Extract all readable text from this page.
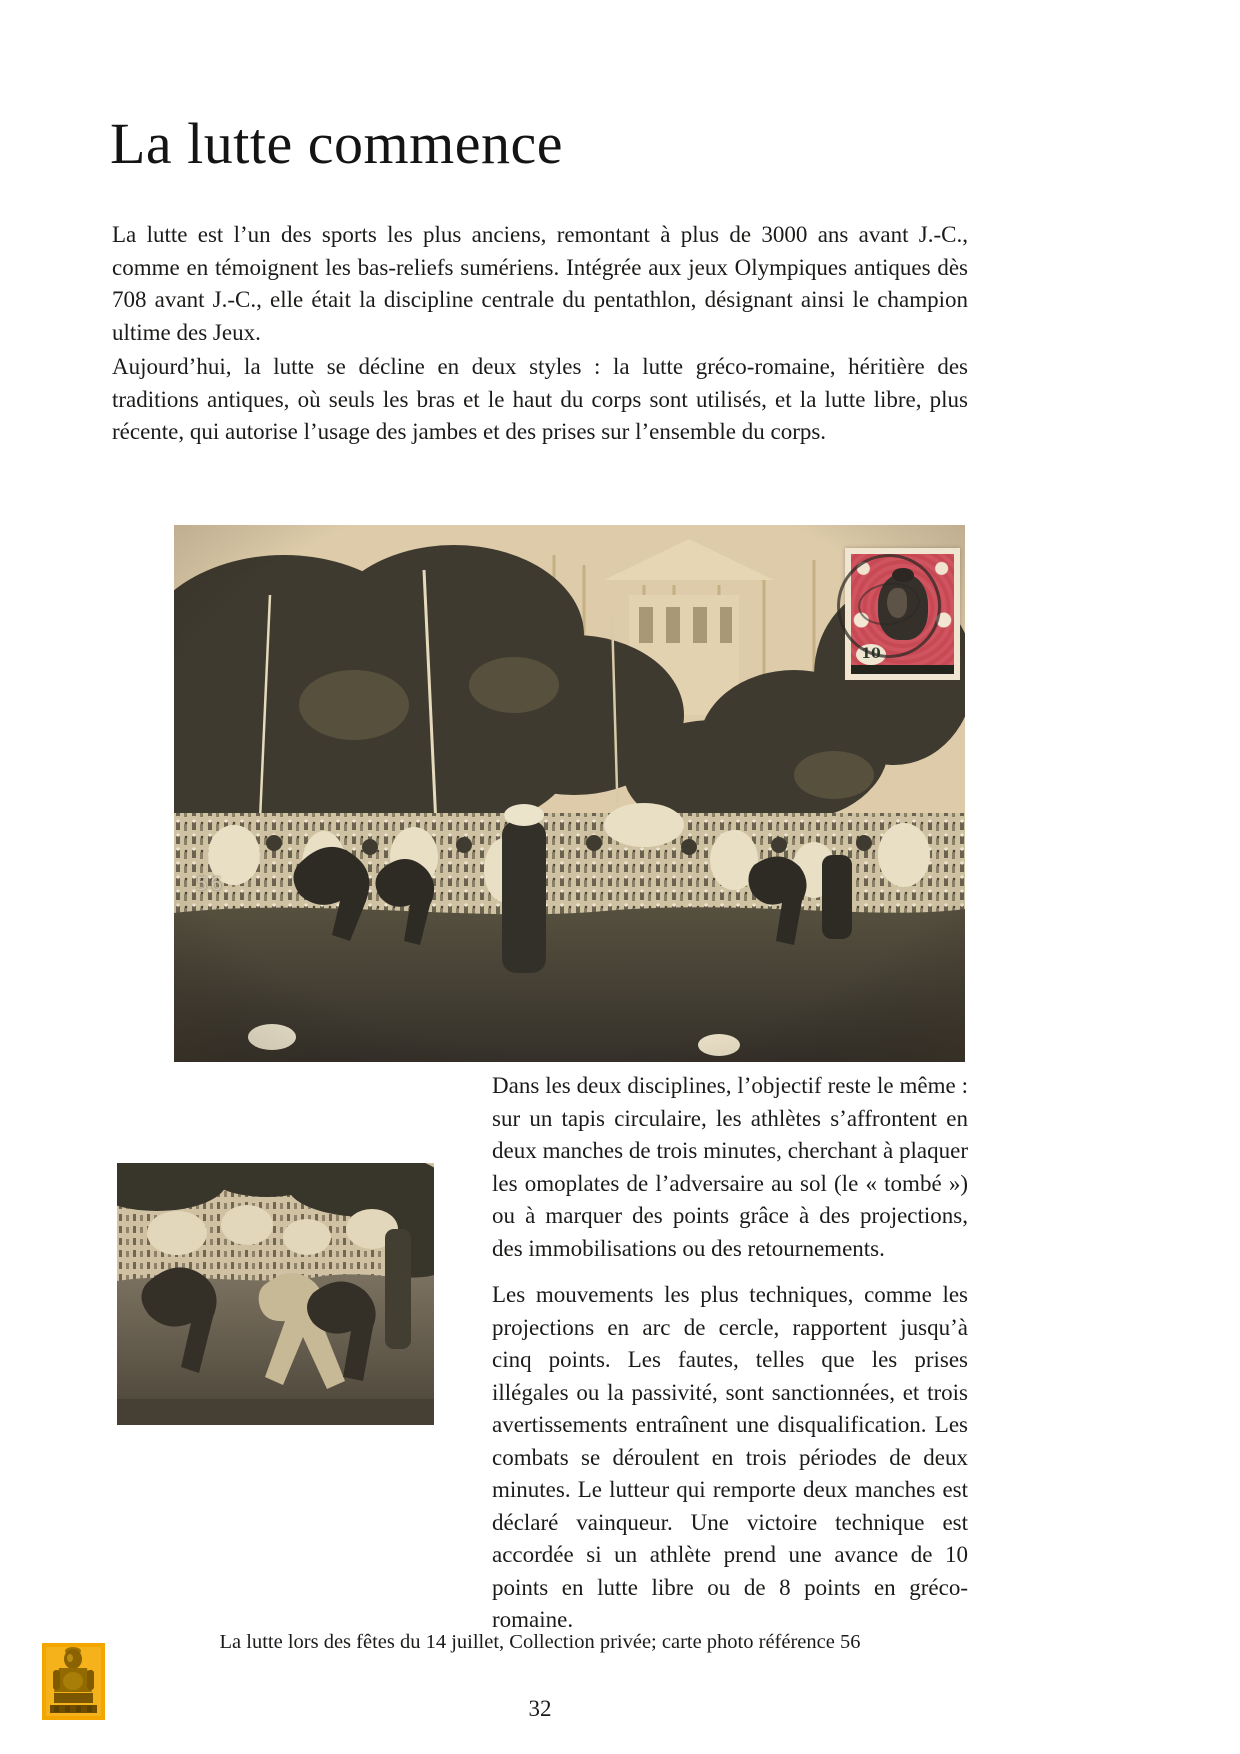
La lutte commence

La lutte est l’un des sports les plus anciens, remontant à plus de 3000 ans avant J.-C., comme en témoignent les bas-reliefs sumériens. Intégrée aux jeux Olympiques antiques dès 708 avant J.-C., elle était la discipline centrale du pentathlon, désignant ainsi le champion ultime des Jeux.

Aujourd’hui, la lutte se décline en deux styles : la lutte gréco-romaine, héritière des traditions antiques, où seuls les bras et le haut du corps sont utilisés, et la lutte libre, plus récente, qui autorise l’usage des jambes et des prises sur l’ensemble du corps.

56
10

Dans les deux disciplines, l’objectif reste le même : sur un tapis circulaire, les athlètes s’affrontent en deux manches de trois minutes, cherchant à plaquer les omoplates de l’adversaire au sol (le « tombé ») ou à marquer des points grâce à des projections, des immobilisations ou des retournements.

Les mouvements les plus techniques, comme les projections en arc de cercle, rapportent jusqu’à cinq points. Les fautes, telles que les prises illégales ou la passivité, sont sanctionnées, et trois avertissements entraînent une disqualification. Les combats se déroulent en trois périodes de deux minutes. Le lutteur qui remporte deux manches est déclaré vainqueur. Une victoire technique est accordée si un athlète prend une avance de 10 points en lutte libre ou de 8 points en gréco-romaine.

La lutte lors des fêtes du 14 juillet, Collection privée; carte photo référence 56

32
